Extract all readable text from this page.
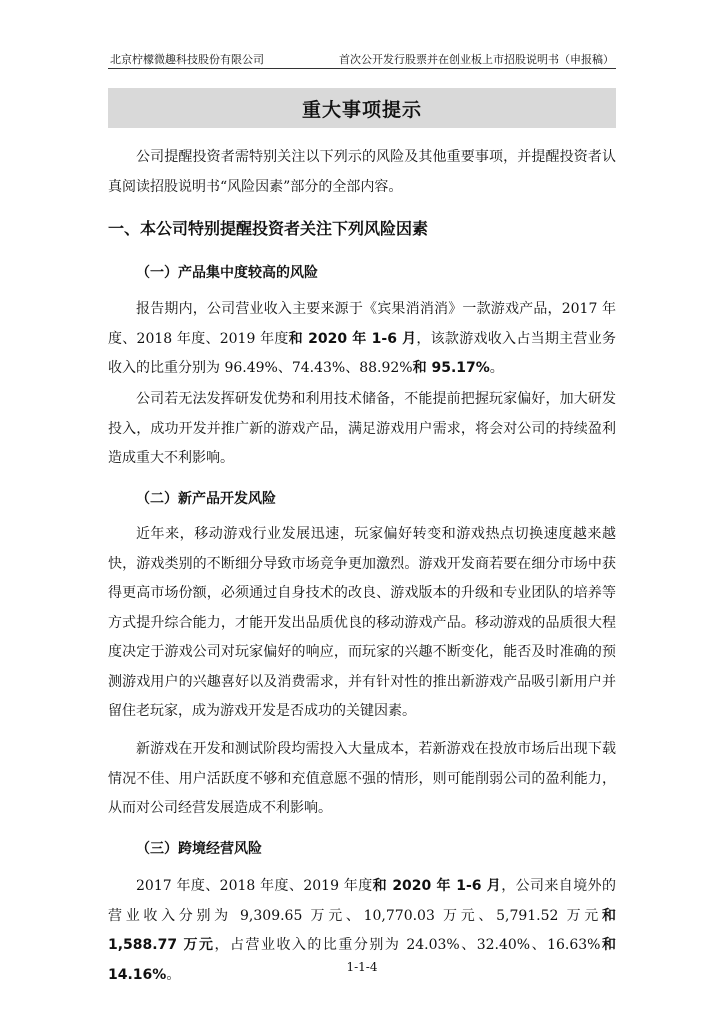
北京柠檬微趣科技股份有限公司	首次公开发行股票并在创业板上市招股说明书（申报稿）
重大事项提示

公司提醒投资者需特别关注以下列示的风险及其他重要事项，并提醒投资者认真阅读招股说明书“风险因素”部分的全部内容。

一、本公司特别提醒投资者关注下列风险因素

（一）产品集中度较高的风险

报告期内，公司营业收入主要来源于《宾果消消消》一款游戏产品，2017 年度、2018 年度、2019 年度和 2020 年 1-6 月，该款游戏收入占当期主营业务收入的比重分别为 96.49%、74.43%、88.92%和 95.17%。

公司若无法发挥研发优势和利用技术储备，不能提前把握玩家偏好，加大研发投入，成功开发并推广新的游戏产品，满足游戏用户需求，将会对公司的持续盈利造成重大不利影响。

（二）新产品开发风险

近年来，移动游戏行业发展迅速，玩家偏好转变和游戏热点切换速度越来越快，游戏类别的不断细分导致市场竞争更加激烈。游戏开发商若要在细分市场中获得更高市场份额，必须通过自身技术的改良、游戏版本的升级和专业团队的培养等方式提升综合能力，才能开发出品质优良的移动游戏产品。移动游戏的品质很大程度决定于游戏公司对玩家偏好的响应，而玩家的兴趣不断变化，能否及时准确的预测游戏用户的兴趣喜好以及消费需求，并有针对性的推出新游戏产品吸引新用户并留住老玩家，成为游戏开发是否成功的关键因素。

新游戏在开发和测试阶段均需投入大量成本，若新游戏在投放市场后出现下载情况不佳、用户活跃度不够和充值意愿不强的情形，则可能削弱公司的盈利能力，从而对公司经营发展造成不利影响。

（三）跨境经营风险

2017 年度、2018 年度、2019 年度和 2020 年 1-6 月，公司来自境外的营业收入分别为 9,309.65 万元、10,770.03 万元、5,791.52 万元和 1,588.77 万元，占营业收入的比重分别为 24.03%、32.40%、16.63%和 14.16%。	1-1-4
